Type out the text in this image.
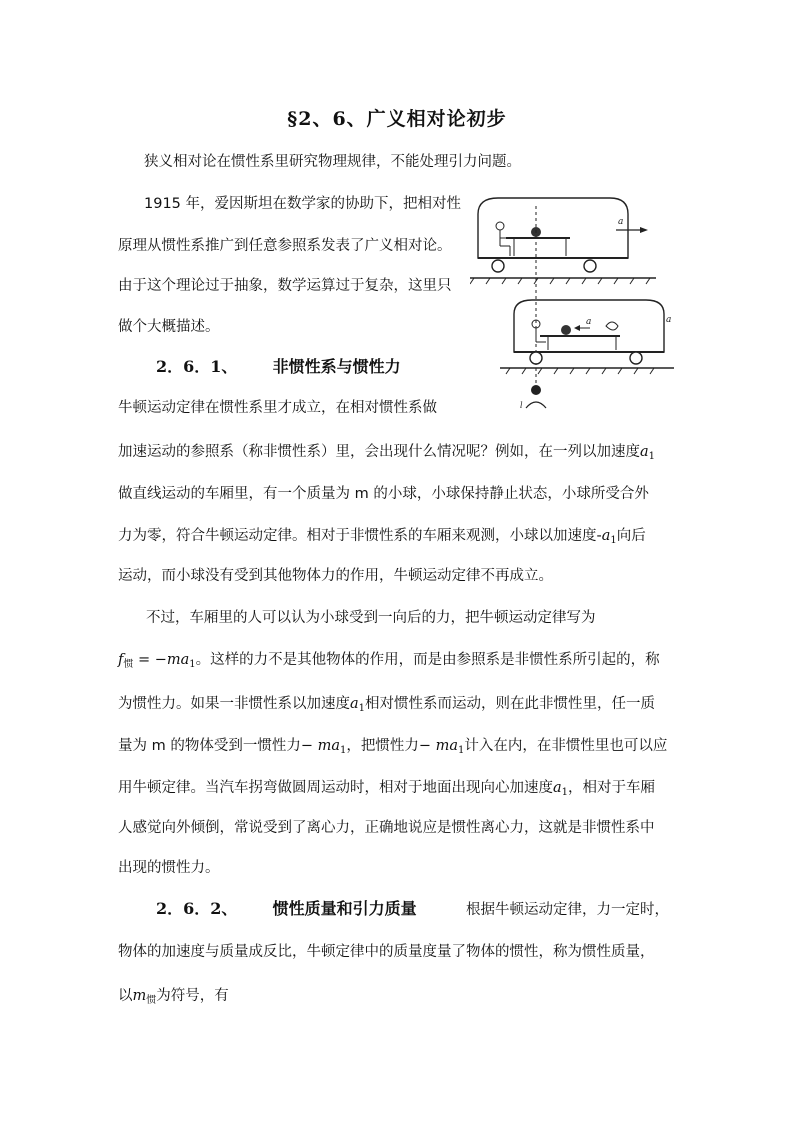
§2、6、广义相对论初步
狭义相对论在惯性系里研究物理规律，不能处理引力问题。
1915 年，爱因斯坦在数学家的协助下，把相对性
原理从惯性系推广到任意参照系发表了广义相对论。
由于这个理论过于抽象，数学运算过于复杂，这里只
做个大概描述。
2．6．1、 非惯性系与惯性力
a
a	a
l
牛顿运动定律在惯性系里才成立，在相对惯性系做
加速运动的参照系（称非惯性系）里，会出现什么情况呢？例如，在一列以加速度$a_1$
做直线运动的车厢里，有一个质量为 m 的小球，小球保持静止状态，小球所受合外
力为零，符合牛顿运动定律。相对于非惯性系的车厢来观测，小球以加速度$-a_1$向后
运动，而小球没有受到其他物体力的作用，牛顿运动定律不再成立。
不过，车厢里的人可以认为小球受到一向后的力，把牛顿运动定律写为
$f_惯 = -ma_1$。这样的力不是其他物体的作用，而是由参照系是非惯性系所引起的，称
为惯性力。如果一非惯性系以加速度$a_1$相对惯性系而运动，则在此非惯性里，任一质
量为 m 的物体受到一惯性力− $ma_1$，把惯性力− $ma_1$计入在内，在非惯性里也可以应
用牛顿定律。当汽车拐弯做圆周运动时，相对于地面出现向心加速度$a_1$，相对于车厢
人感觉向外倾倒，常说受到了离心力，正确地说应是惯性离心力，这就是非惯性系中
出现的惯性力。
2．6．2、 惯性质量和引力质量	根据牛顿运动定律，力一定时，
物体的加速度与质量成反比，牛顿定律中的质量度量了物体的惯性，称为惯性质量，
以$m_惯$为符号，有
